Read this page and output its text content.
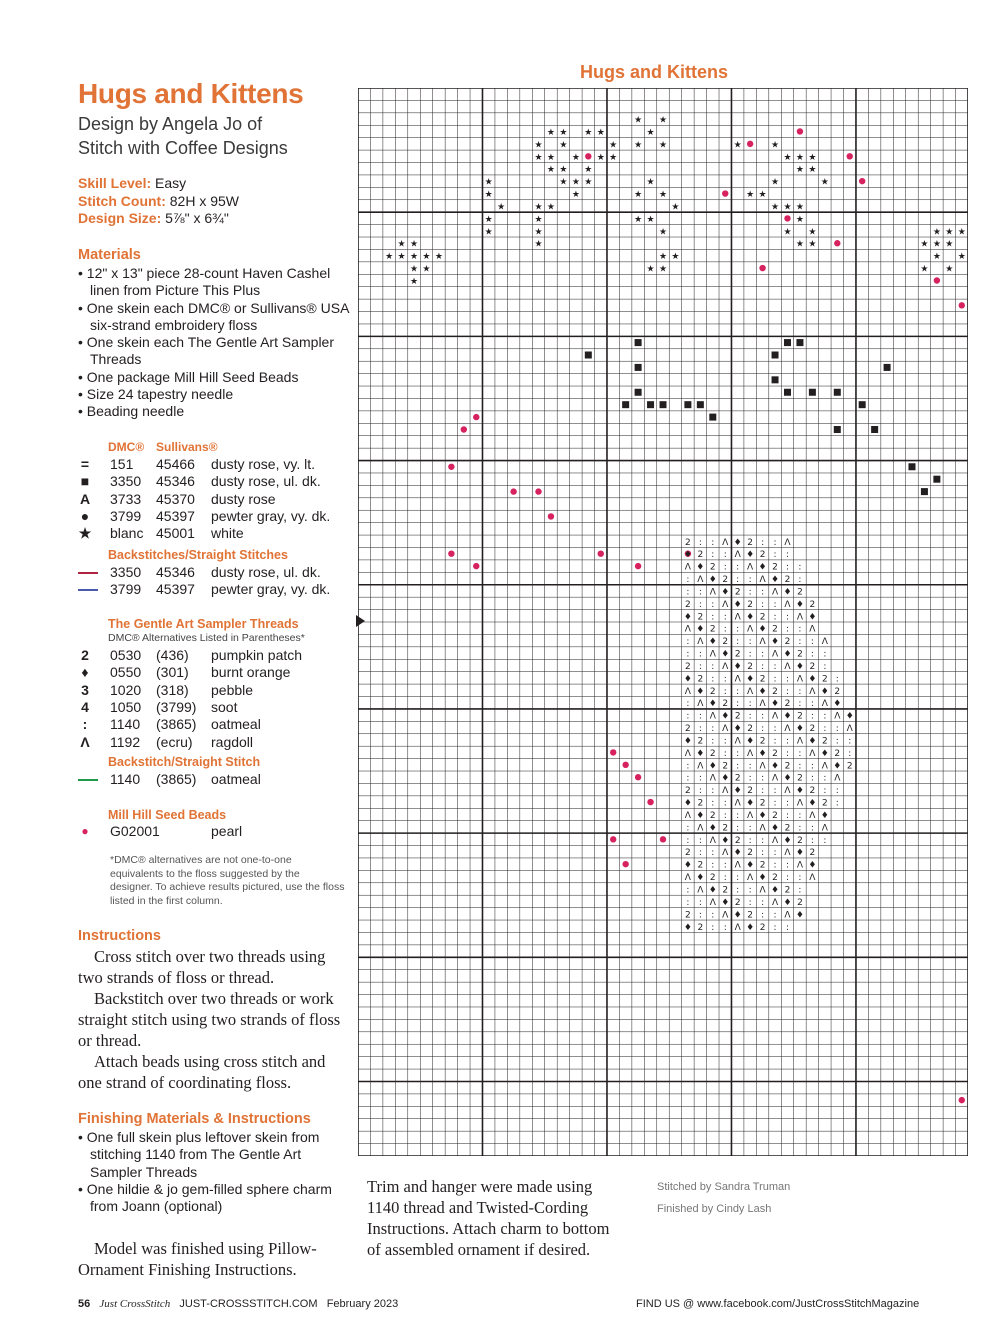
Hugs and Kittens
Design by Angela Jo of
Stitch with Coffee Designs
Skill Level: Easy
Stitch Count: 82H x 95W
Design Size: 5⅞" x 6¾"
Materials
• 12" x 13" piece 28-count Haven Cashel linen from Picture This Plus
• One skein each DMC® or Sullivans® USA six-strand embroidery floss
• One skein each The Gentle Art Sampler Threads
• One package Mill Hill Seed Beads
• Size 24 tapestry needle
• Beading needle
DMC® Sullivans®
= 151 45466 dusty rose, vy. lt.
■ 3350 45346 dusty rose, ul. dk.
A 3733 45370 dusty rose
● 3799 45397 pewter gray, vy. dk.
★ blanc 45001 white
Backstitches/Straight Stitches
3350 45346 dusty rose, ul. dk.
3799 45397 pewter gray, vy. dk.
The Gentle Art Sampler Threads
DMC® Alternatives Listed in Parentheses*
2 0530 (436) pumpkin patch
♦ 0550 (301) burnt orange
3 1020 (318) pebble
4 1050 (3799) soot
:	1140 (3865) oatmeal
Λ 1192 (ecru) ragdoll
Backstitch/Straight Stitch
1140 (3865) oatmeal
Mill Hill Seed Beads
● G02001	pearl
*DMC® alternatives are not one-to-one equivalents to the floss suggested by the designer. To achieve results pictured, use the floss listed in the first column.
Instructions

Cross stitch over two threads using two strands of floss or thread.

Backstitch over two threads or work straight stitch using two strands of floss or thread.

Attach beads using cross stitch and one strand of coordinating floss.

Finishing Materials & Instructions
• One full skein plus leftover skein from stitching 1140 from The Gentle Art Sampler Threads
• One hildie & jo gem-filled sphere charm from Joann (optional)
Model was finished using Pillow-Ornament Finishing Instructions.
Hugs and Kittens
★ ★ ★ ★
★ ★	★
★ ★ ★ ★ ★
★ ★ ★
★ ★ ★
★
★
★
★
★
★
★ ★
★
★
★
★ ★
★ ★ ★ ★ ★
★ ★
★
★ ★
★
★ ★
★
★ ★
★
★ ★
★
★ ★
★ ★
★	★
★ ★ ★
★ ★
★
★
★ ★
★ ★ ★
★
★ ★
★ ★
★ ★ ★
★ ★ ★
★ ★
★ ★
2 : : Λ ♦ 2 : : Λ
♦ 2 : : Λ ♦ 2 : :
Λ ♦ 2 : : Λ ♦ 2 : :
: Λ ♦ 2 : : Λ ♦ 2 :
: : Λ ♦ 2 : : Λ ♦ 2
2 : : Λ ♦ 2 : : Λ ♦ 2
♦ 2 : : Λ ♦ 2 : : Λ ♦
Λ ♦ 2 : : Λ ♦ 2 : : Λ
: Λ ♦ 2 : : Λ ♦ 2 : : Λ
: : Λ ♦ 2 : : Λ ♦ 2 : :
2 : : Λ ♦ 2 : : Λ ♦ 2 :
♦ 2 : : Λ ♦ 2 : : Λ ♦ 2 :
Λ ♦ 2 : : Λ ♦ 2 : : Λ ♦ 2
: Λ ♦ 2 : : Λ ♦ 2 : : Λ ♦
: : Λ ♦ 2 : : Λ ♦ 2 : : Λ ♦
2 : : Λ ♦ 2 : : Λ ♦ 2 : : Λ
♦ 2 : : Λ ♦ 2 : : Λ ♦ 2 : :
Λ ♦ 2 : : Λ ♦ 2 : : Λ ♦ 2 :
: Λ ♦ 2 : : Λ ♦ 2 : : Λ ♦ 2
: : Λ ♦ 2 : : Λ ♦ 2 : : Λ
2 : : Λ ♦ 2 : : Λ ♦ 2 : :
♦ 2 : : Λ ♦ 2 : : Λ ♦ 2 :
Λ ♦ 2 : : Λ ♦ 2 : : Λ ♦
: Λ ♦ 2 : : Λ ♦ 2 : : Λ
: : Λ ♦ 2 : : Λ ♦ 2 : :
2 : : Λ ♦ 2 : : Λ ♦ 2
♦ 2 : : Λ ♦ 2 : : Λ ♦
Λ ♦ 2 : : Λ ♦ 2 : : Λ
: Λ ♦ 2 : : Λ ♦ 2 :
: : Λ ♦ 2 : : Λ ♦ 2
2 : : Λ ♦ 2 : : Λ ♦
♦ 2 : : Λ ♦ 2 : :
Trim and hanger were made using 1140 thread and Twisted-Cording Instructions. Attach charm to bottom of assembled ornament if desired.
Stitched by Sandra Truman
Finished by Cindy Lash
56 Just CrossStitch JUST-CROSSSTITCH.COM February 2023	FIND US @ www.facebook.com/JustCrossStitchMagazine
